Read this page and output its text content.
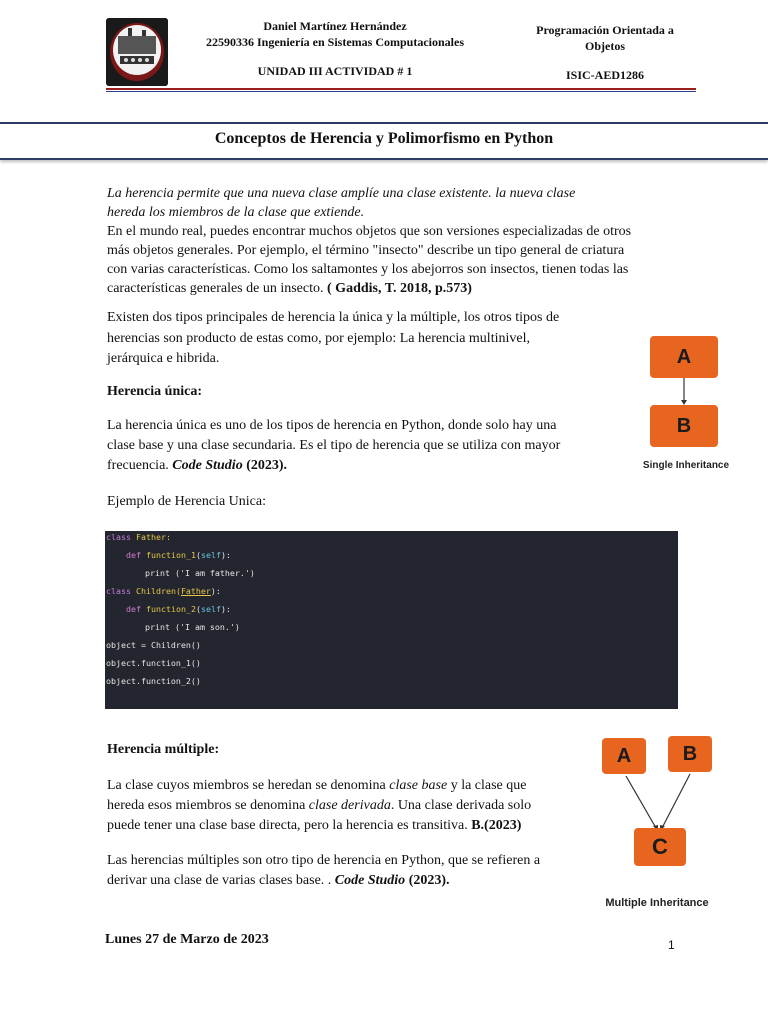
Daniel Martínez Hernández
22590336 Ingeniería en Sistemas Computacionales
UNIDAD III ACTIVIDAD # 1
Programación Orientada a
Objetos
ISIC-AED1286
Conceptos de Herencia y Polimorfismo en Python
La herencia permite que una nueva clase amplíe una clase existente. la nueva clase
hereda los miembros de la clase que extiende.
En el mundo real, puedes encontrar muchos objetos que son versiones especializadas de otros
más objetos generales. Por ejemplo, el término "insecto" describe un tipo general de criatura
con varias características. Como los saltamontes y los abejorros son insectos, tienen todas las
características generales de un insecto. ( Gaddis, T. 2018, p.573)
Existen dos tipos principales de herencia la única y la múltiple, los otros tipos de
herencias son producto de estas como, por ejemplo: La herencia multinivel,
jerárquica e hibrida.
Herencia única:
La herencia única es uno de los tipos de herencia en Python, donde solo hay una
clase base y una clase secundaria. Es el tipo de herencia que se utiliza con mayor
frecuencia. Code Studio (2023).
Ejemplo de Herencia Unica:
A
B
Single Inheritance
class Father:
def function_1(self):
print ('I am father.')
class Children(Father):
def function_2(self):
print ('I am son.')
object = Children()
object.function_1()
object.function_2()
Herencia múltiple:
La clase cuyos miembros se heredan se denomina clase base y la clase que
hereda esos miembros se denomina clase derivada. Una clase derivada solo
puede tener una clase base directa, pero la herencia es transitiva. B.(2023)
Las herencias múltiples son otro tipo de herencia en Python, que se refieren a
derivar una clase de varias clases base. . Code Studio (2023).
A	B
C
Multiple Inheritance
Lunes 27 de Marzo de 2023	1
